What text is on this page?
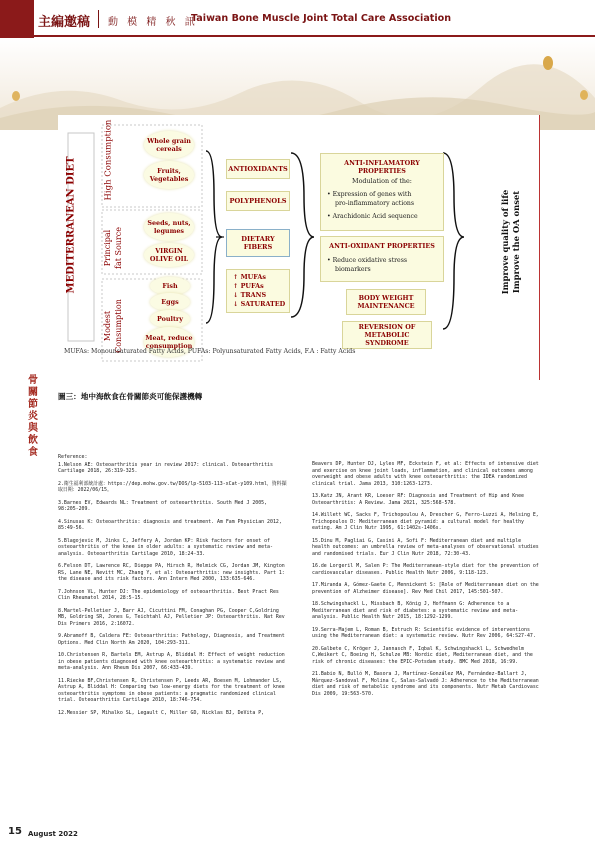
主編邀稿 動 模 精 秋 訊
Taiwan Bone Muscle Joint Total Care Association
骨關節炎與飲食
MEDITERRANEAN DIET	High Consumption
Principal fat Source
Modest Consumption
Whole grain cereals
Fruits, Vegetables
Seeds, nuts, legumes
VIRGIN OLIVE OIL
Fish
Eggs
Poultry
Meat, reduce consumption
ANTIOXIDANTS
POLYPHENOLS
DIETARY
FIBERS
↑ MUFAs
↑ PUFAs
↓ TRANS
↓ SATURATED
ANTI-INFLAMATORY PROPERTIES
Modulation of the:
• Expression of genes with
pro-inflammatory actions
• Arachidonic Acid sequence
ANTI-OXIDANT PROPERTIES
• Reduce oxidative stress
biomarkers
BODY WEIGHT
MAINTENANCE
REVERSION OF
METABOLIC SYNDROME
Improve quality of life Improve the OA onset
MUFAs: Monounsaturated Fatty Acids, PUFAs: Polyunsaturated Fatty Acids, F.A : Fatty Acids
圖三：地中海飲食在骨關節炎可能保護機轉
Reference:
1.Nelson AE: Osteoarthritis year in review 2017: clinical. Osteoarthritis Cartilage 2018, 26:319-325.
2.衛生福利部統計處：https://dep.mohw.gov.tw/DOS/lp-5103-113-xCat-y109.html，資料擷取日期：2022/06/15。
3.Barnes EV, Edwards NL: Treatment of osteoarthritis. South Med J 2005, 98:205-209.
4.Sinusas K: Osteoarthritis: diagnosis and treatment. Am Fam Physician 2012, 85:49-56.
5.Blagojevic M, Jinks C, Jeffery A, Jordan KP: Risk factors for onset of osteoarthritis of the knee in older adults: a systematic review and meta-analysis. Osteoarthritis Cartilage 2010, 18:24-33.
6.Felson DT, Lawrence RC, Dieppe PA, Hirsch R, Helmick CG, Jordan JM, Kington RS, Lane NE, Nevitt MC, Zhang Y, et al: Osteoarthritis: new insights. Part 1: the disease and its risk factors. Ann Intern Med 2000, 133:635-646.
7.Johnson VL, Hunter DJ: The epidemiology of osteoarthritis. Best Pract Res Clin Rheumatol 2014, 28:5-15.
8.Martel-Pelletier J, Barr AJ, Cicuttini FM, Conaghan PG, Cooper C,Goldring MB, Goldring SR, Jones G, Teichtahl AJ, Pelletier JP: Osteoarthritis. Nat Rev Dis Primers 2016, 2:16072.
9.Abramoff B, Caldera FE: Osteoarthritis: Pathology, Diagnosis, and Treatment Options. Med Clin North Am 2020, 104:293-311.
10.Christensen R, Bartels EM, Astrup A, Bliddal H: Effect of weight reduction in obese patients diagnosed with knee osteoarthritis: a systematic review and meta-analysis. Ann Rheum Dis 2007, 66:433-439.
11.Riecke BF,Christensen R, Christensen P, Leeds AR, Boesen M, Lohmander LS, Astrup A, Bliddal H: Comparing two low-energy diets for the treatment of knee osteoarthritis symptoms in obese patients: a pragmatic randomized clinical trial. Osteoarthritis Cartilage 2010, 18:746-754.
12.Messier SP, Mihalko SL, Legault C, Miller GD, Nicklas BJ, DeVita P,
Beavers DP, Hunter DJ, Lyles MF, Eckstein F, et al: Effects of intensive diet and exercise on knee joint loads, inflammation, and clinical outcomes among overweight and obese adults with knee osteoarthritis: the IDEA randomized clinical trial. Jama 2013, 310:1263-1273.
13.Katz JN, Arant KR, Loeser RF: Diagnosis and Treatment of Hip and Knee Osteoarthritis: A Review. Jama 2021, 325:568-578.
14.Willett WC, Sacks F, Trichopoulou A, Drescher G, Ferro-Luzzi A, Helsing E, Trichopoulos D: Mediterranean diet pyramid: a cultural model for healthy eating. Am J Clin Nutr 1995, 61:1402s-1406s.
15.Dinu M, Pagliai G, Casini A, Sofi F: Mediterranean diet and multiple health outcomes: an umbrella review of meta-analyses of observational studies and randomised trials. Eur J Clin Nutr 2018, 72:30-43.
16.de Lorgeril M, Salen P: The Mediterranean-style diet for the prevention of cardiovascular diseases. Public Health Nutr 2006, 9:118-123.
17.Miranda A, Gómez-Gaete C, Mennickent S: [Role of Mediterranean diet on the prevention of Alzheimer disease]. Rev Med Chil 2017, 145:501-507.
18.Schwingshackl L, Missbach B, König J, Hoffmann G: Adherence to a Mediterranean diet and risk of diabetes: a systematic review and meta-analysis. Public Health Nutr 2015, 18:1292-1299.
19.Serra-Majem L, Roman B, Estruch R: Scientific evidence of interventions using the Mediterranean diet: a systematic review. Nutr Rev 2006, 64:S27-47.
20.Galbete C, Kröger J, Jannasch F, Iqbal K, Schwingshackl L, Schwedhelm C,Weikert C, Boeing H, Schulze MB: Nordic diet, Mediterranean diet, and the risk of chronic diseases: the EPIC-Potsdam study. BMC Med 2018, 16:99.
21.Babio N, Bulló M, Basora J, Martínez-González MA, Fernández-Ballart J, Márquez-Sandoval F, Molina C, Salas-Salvadó J: Adherence to the Mediterranean diet and risk of metabolic syndrome and its components. Nutr Metab Cardiovasc Dis 2009, 19:563-570.
15 August 2022
